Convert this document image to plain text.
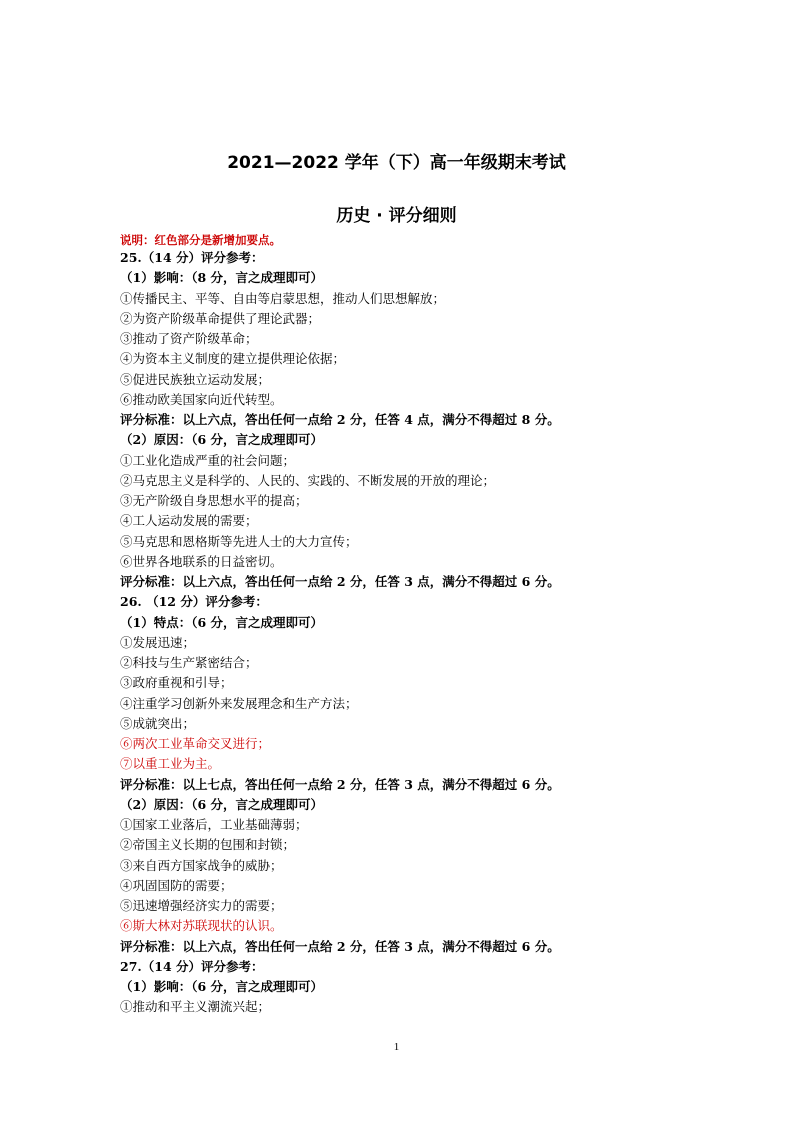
2021—2022 学年（下）高一年级期末考试
历史 · 评分细则
说明：红色部分是新增加要点。
25.（14 分）评分参考：
（1）影响：（8 分，言之成理即可）
①传播民主、平等、自由等启蒙思想，推动人们思想解放；
②为资产阶级革命提供了理论武器；
③推动了资产阶级革命；
④为资本主义制度的建立提供理论依据；
⑤促进民族独立运动发展；
⑥推动欧美国家向近代转型。
评分标准：以上六点，答出任何一点给 2 分，任答 4 点，满分不得超过 8 分。
（2）原因：（6 分，言之成理即可）
①工业化造成严重的社会问题；
②马克思主义是科学的、人民的、实践的、不断发展的开放的理论；
③无产阶级自身思想水平的提高；
④工人运动发展的需要；
⑤马克思和恩格斯等先进人士的大力宣传；
⑥世界各地联系的日益密切。
评分标准：以上六点，答出任何一点给 2 分，任答 3 点，满分不得超过 6 分。
26. （12 分）评分参考：
（1）特点：（6 分，言之成理即可）
①发展迅速；
②科技与生产紧密结合；
③政府重视和引导；
④注重学习创新外来发展理念和生产方法；
⑤成就突出；
⑥两次工业革命交叉进行；
⑦以重工业为主。
评分标准：以上七点，答出任何一点给 2 分，任答 3 点，满分不得超过 6 分。
（2）原因：（6 分，言之成理即可）
①国家工业落后，工业基础薄弱；
②帝国主义长期的包围和封锁；
③来自西方国家战争的威胁；
④巩固国防的需要；
⑤迅速增强经济实力的需要；
⑥斯大林对苏联现状的认识。
评分标准：以上六点，答出任何一点给 2 分，任答 3 点，满分不得超过 6 分。
27.（14 分）评分参考：
（1）影响：（6 分，言之成理即可）
①推动和平主义潮流兴起；
1
